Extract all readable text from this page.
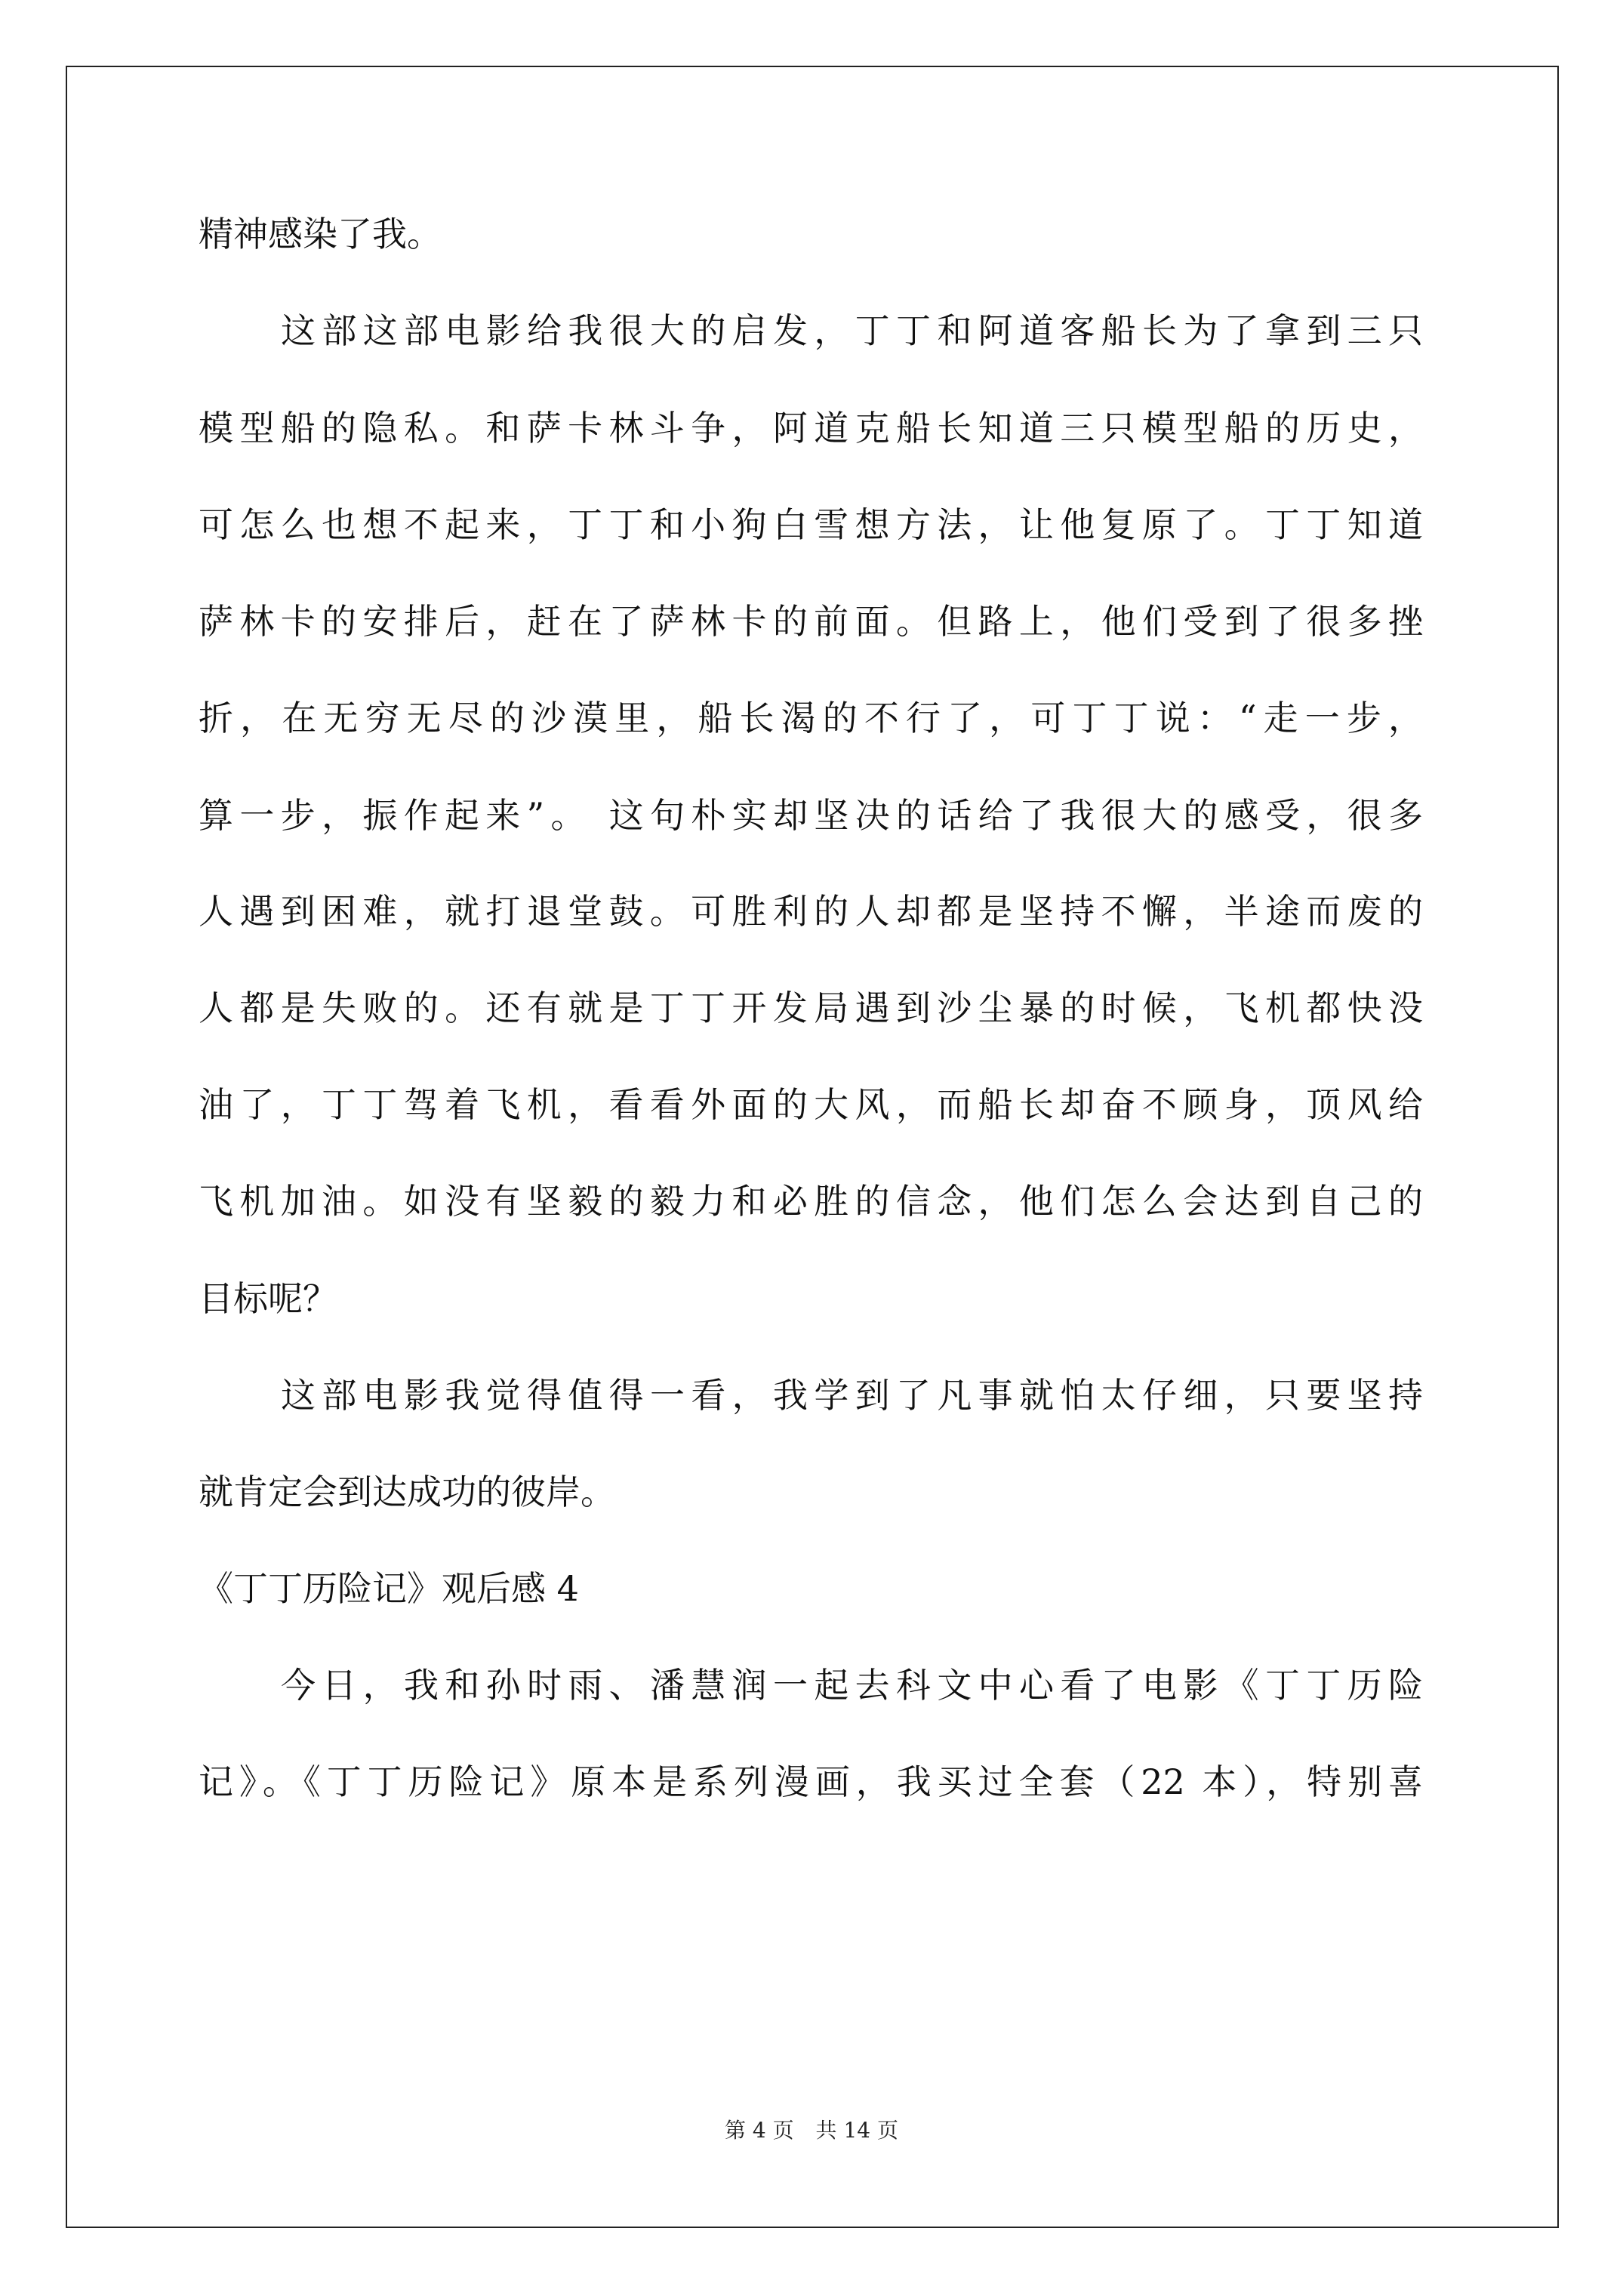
精神感染了我。
这部这部电影给我很大的启发，丁丁和阿道客船长为了拿到三只
模型船的隐私。和萨卡林斗争，阿道克船长知道三只模型船的历史，
可怎么也想不起来，丁丁和小狗白雪想方法，让他复原了。丁丁知道
萨林卡的安排后，赶在了萨林卡的前面。但路上，他们受到了很多挫
折，在无穷无尽的沙漠里，船长渴的不行了，可丁丁说：“走一步，
算一步，振作起来”。 这句朴实却坚决的话给了我很大的感受，很多
人遇到困难，就打退堂鼓。可胜利的人却都是坚持不懈，半途而废的
人都是失败的。还有就是丁丁开发局遇到沙尘暴的时候，飞机都快没
油了，丁丁驾着飞机，看看外面的大风，而船长却奋不顾身，顶风给
飞机加油。如没有坚毅的毅力和必胜的信念，他们怎么会达到自己的
目标呢？
这部电影我觉得值得一看，我学到了凡事就怕太仔细，只要坚持
就肯定会到达成功的彼岸。
《丁丁历险记》观后感 4
今日，我和孙时雨、潘慧润一起去科文中心看了电影《丁丁历险
记》。《丁丁历险记》原本是系列漫画，我买过全套（22 本），特别喜
第 4 页 共 14 页
